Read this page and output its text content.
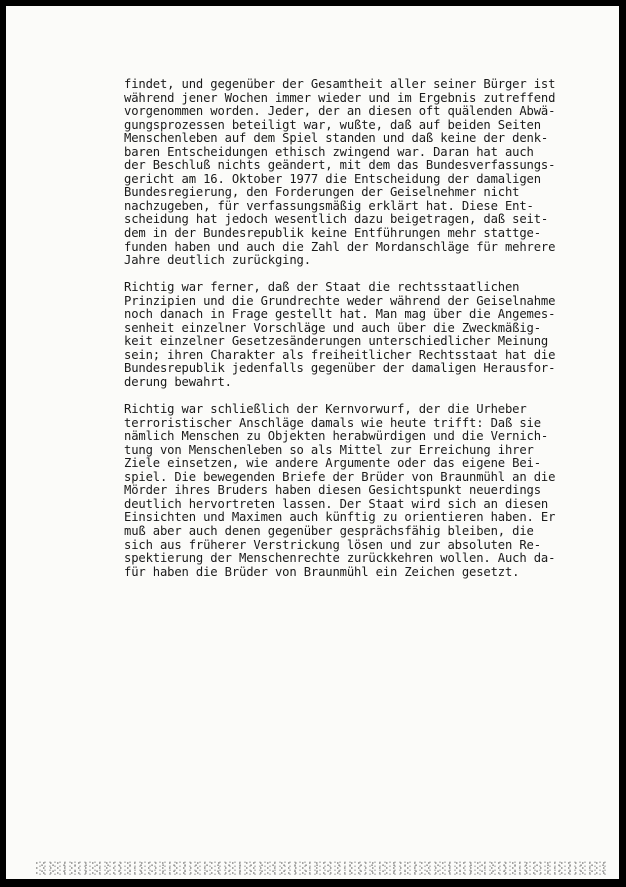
findet, und gegenüber der Gesamtheit aller seiner Bürger ist
während jener Wochen immer wieder und im Ergebnis zutreffend
vorgenommen worden. Jeder, der an diesen oft quälenden Abwä-
gungsprozessen beteiligt war, wußte, daß auf beiden Seiten
Menschenleben auf dem Spiel standen und daß keine der denk-
baren Entscheidungen ethisch zwingend war. Daran hat auch
der Beschluß nichts geändert, mit dem das Bundesverfassungs-
gericht am 16. Oktober 1977 die Entscheidung der damaligen
Bundesregierung, den Forderungen der Geiselnehmer nicht
nachzugeben, für verfassungsmäßig erklärt hat. Diese Ent-
scheidung hat jedoch wesentlich dazu beigetragen, daß seit-
dem in der Bundesrepublik keine Entführungen mehr stattge-
funden haben und auch die Zahl der Mordanschläge für mehrere
Jahre deutlich zurückging.

Richtig war ferner, daß der Staat die rechtsstaatlichen
Prinzipien und die Grundrechte weder während der Geiselnahme
noch danach in Frage gestellt hat. Man mag über die Angemes-
senheit einzelner Vorschläge und auch über die Zweckmäßig-
keit einzelner Gesetzesänderungen unterschiedlicher Meinung
sein; ihren Charakter als freiheitlicher Rechtsstaat hat die
Bundesrepublik jedenfalls gegenüber der damaligen Herausfor-
derung bewahrt.

Richtig war schließlich der Kernvorwurf, der die Urheber
terroristischer Anschläge damals wie heute trifft: Daß sie
nämlich Menschen zu Objekten herabwürdigen und die Vernich-
tung von Menschenleben so als Mittel zur Erreichung ihrer
Ziele einsetzen, wie andere Argumente oder das eigene Bei-
spiel. Die bewegenden Briefe der Brüder von Braunmühl an die
Mörder ihres Bruders haben diesen Gesichtspunkt neuerdings
deutlich hervortreten lassen. Der Staat wird sich an diesen
Einsichten und Maximen auch künftig zu orientieren haben. Er
muß aber auch denen gegenüber gesprächsfähig bleiben, die
sich aus früherer Verstrickung lösen und zur absoluten Re-
spektierung der Menschenrechte zurückkehren wollen. Auch da-
für haben die Brüder von Braunmühl ein Zeichen gesetzt.
